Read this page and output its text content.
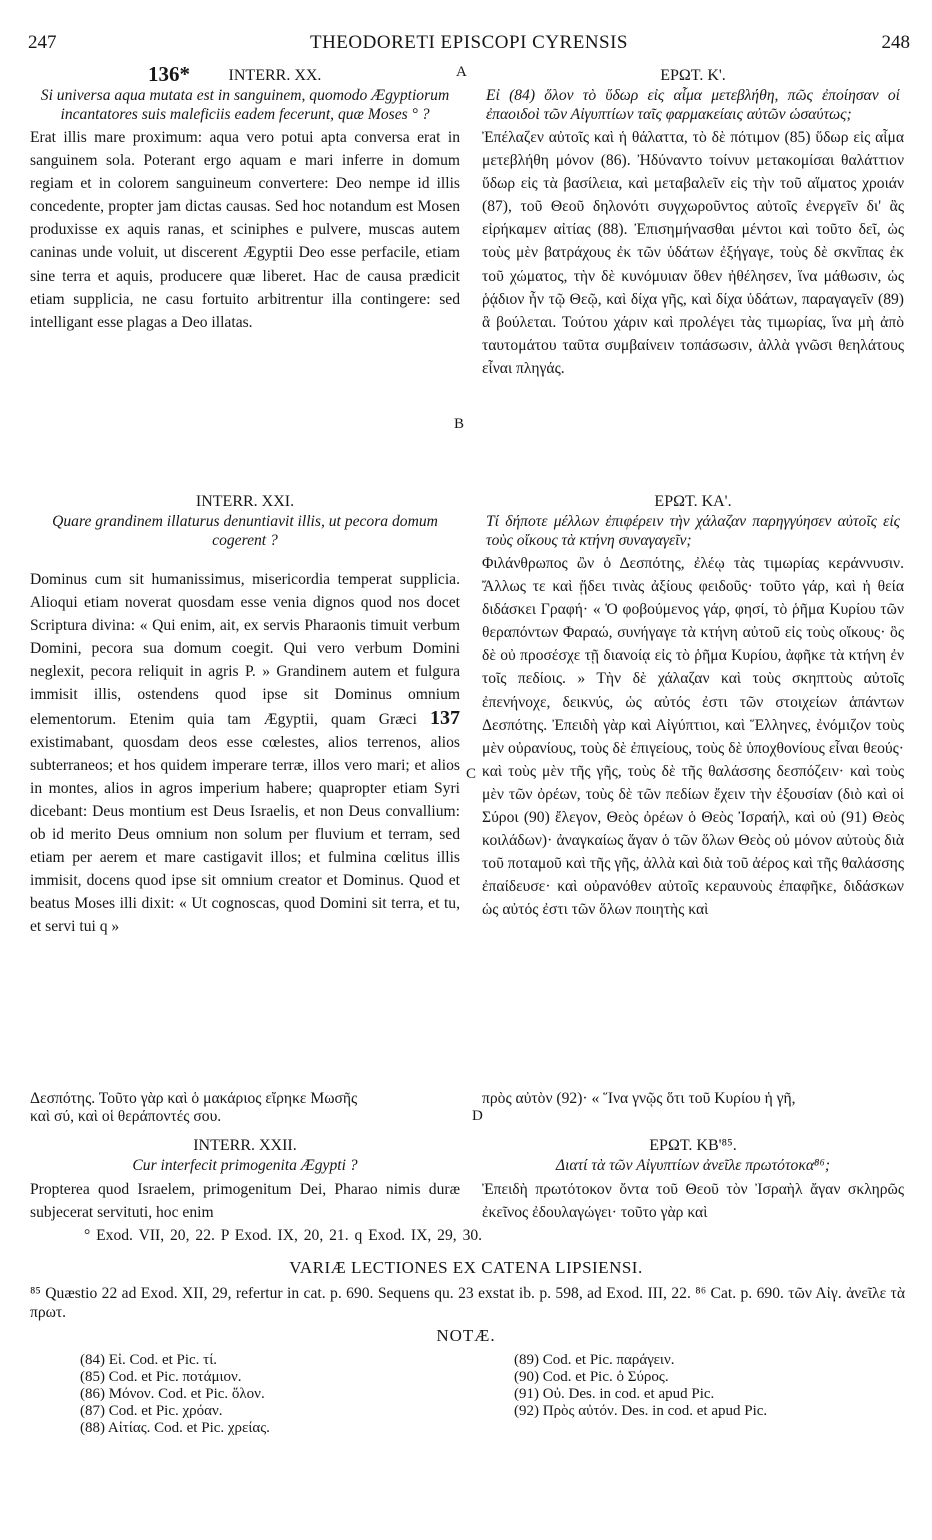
247	THEODORETI EPISCOPI CYRENSIS	248
136*	A
B
C
D
INTERR. XX.
Si universa aqua mutata est in sanguinem, quomodo Ægyptiorum incantatores suis maleficiis eadem fecerunt, quæ Moses ° ?
Erat illis mare proximum: aqua vero potui apta conversa erat in sanguinem sola. Poterant ergo aquam e mari inferre in domum regiam et in colorem sanguineum convertere: Deo nempe id illis concedente, propter jam dictas causas. Sed hoc notandum est Mosen produxisse ex aquis ranas, et sciniphes e pulvere, muscas autem caninas unde voluit, ut discerent Ægyptii Deo esse perfacile, etiam sine terra et aquis, producere quæ liberet. Hac de causa prædicit etiam supplicia, ne casu fortuito arbitrentur illa contingere: sed intelligant esse plagas a Deo illatas.
INTERR. XXI.
Quare grandinem illaturus denuntiavit illis, ut pecora domum cogerent ?
Dominus cum sit humanissimus, misericordia temperat supplicia. Alioqui etiam noverat quosdam esse venia dignos quod nos docet Scriptura divina: « Qui enim, ait, ex servis Pharaonis timuit verbum Domini, pecora sua domum coegit. Qui vero verbum Domini neglexit, pecora reliquit in agris P. » Grandinem autem et fulgura immisit illis, ostendens quod ipse sit Dominus omnium elementorum. Etenim quia tam Ægyptii, quam Græci 137 existimabant, quosdam deos esse cœlestes, alios terrenos, alios subterraneos; et hos quidem imperare terræ, illos vero mari; et alios in montes, alios in agros imperium habere; quapropter etiam Syri dicebant: Deus montium est Deus Israelis, et non Deus convallium: ob id merito Deus omnium non solum per fluvium et terram, sed etiam per aerem et mare castigavit illos; et fulmina cœlitus illis immisit, docens quod ipse sit omnium creator et Dominus. Quod et beatus Moses illi dixit: « Ut cognoscas, quod Domini sit terra, et tu, et servi tui q »
Δεσπότης. Τοῦτο γὰρ καὶ ὁ μακάριος εἴρηκε Μωσῆς
καὶ σύ, καὶ οἱ θεράποντές σου.
INTERR. XXII.
Cur interfecit primogenita Ægypti ?
Propterea quod Israelem, primogenitum Dei, Pharao nimis duræ subjecerat servituti, hoc enim
ΕΡΩΤ. Κ'.
Εἰ (84) ὅλον τὸ ὕδωρ εἰς αἷμα μετεβλήθη, πῶς ἐποίησαν οἱ ἐπαοιδοὶ τῶν Αἰγυπτίων ταῖς φαρμακείαις αὐτῶν ὡσαύτως;
Ἐπέλαζεν αὐτοῖς καὶ ἡ θάλαττα, τὸ δὲ πότιμον (85) ὕδωρ εἰς αἷμα μετεβλήθη μόνον (86). Ἠδύναντο τοίνυν μετακομίσαι θαλάττιον ὕδωρ εἰς τὰ βασίλεια, καὶ μεταβαλεῖν εἰς τὴν τοῦ αἵματος χροιάν (87), τοῦ Θεοῦ δηλονότι συγχωροῦντος αὐτοῖς ἐνεργεῖν δι' ἃς εἰρήκαμεν αἰτίας (88). Ἐπισημήνασθαι μέντοι καὶ τοῦτο δεῖ, ὡς τοὺς μὲν βατράχους ἐκ τῶν ὑδάτων ἐξήγαγε, τοὺς δὲ σκνῖπας ἐκ τοῦ χώματος, τὴν δὲ κυνόμυιαν ὅθεν ἠθέλησεν, ἵνα μάθωσιν, ὡς ῥᾴδιον ἦν τῷ Θεῷ, καὶ δίχα γῆς, καὶ δίχα ὑδάτων, παραγαγεῖν (89) ἃ βούλεται. Τούτου χάριν καὶ προλέγει τὰς τιμωρίας, ἵνα μὴ ἀπὸ ταυτομάτου ταῦτα συμβαίνειν τοπάσωσιν, ἀλλὰ γνῶσι θεηλάτους εἶναι πληγάς.
ΕΡΩΤ. ΚΑ'.
Τί δήποτε μέλλων ἐπιφέρειν τὴν χάλαζαν παρηγγύησεν αὐτοῖς εἰς τοὺς οἴκους τὰ κτήνη συναγαγεῖν;
Φιλάνθρωπος ὢν ὁ Δεσπότης, ἐλέῳ τὰς τιμωρίας κεράννυσιν. Ἄλλως τε καὶ ᾔδει τινὰς ἀξίους φειδοῦς· τοῦτο γάρ, καὶ ἡ θεία διδάσκει Γραφή· « Ὁ φοβούμενος γάρ, φησί, τὸ ῥῆμα Κυρίου τῶν θεραπόντων Φαραώ, συνήγαγε τὰ κτήνη αὐτοῦ εἰς τοὺς οἴκους· ὃς δὲ οὐ προσέσχε τῇ διανοίᾳ εἰς τὸ ῥῆμα Κυρίου, ἀφῆκε τὰ κτήνη ἐν τοῖς πεδίοις. » Τὴν δὲ χάλαζαν καὶ τοὺς σκηπτοὺς αὐτοῖς ἐπενήνοχε, δεικνύς, ὡς αὐτός ἐστι τῶν στοιχείων ἁπάντων Δεσπότης. Ἐπειδὴ γὰρ καὶ Αἰγύπτιοι, καὶ Ἕλληνες, ἐνόμιζον τοὺς μὲν οὐρανίους, τοὺς δὲ ἐπιγείους, τοὺς δὲ ὑποχθονίους εἶναι θεούς· καὶ τοὺς μὲν τῆς γῆς, τοὺς δὲ τῆς θαλάσσης δεσπόζειν· καὶ τοὺς μὲν τῶν ὀρέων, τοὺς δὲ τῶν πεδίων ἔχειν τὴν ἐξουσίαν (διὸ καὶ οἱ Σύροι (90) ἔλεγον, Θεὸς ὀρέων ὁ Θεὸς Ἰσραήλ, καὶ οὐ (91) Θεὸς κοιλάδων)· ἀναγκαίως ἅγαν ὁ τῶν ὅλων Θεὸς οὐ μόνον αὐτοὺς διὰ τοῦ ποταμοῦ καὶ τῆς γῆς, ἀλλὰ καὶ διὰ τοῦ ἀέρος καὶ τῆς θαλάσσης ἐπαίδευσε· καὶ οὐρανόθεν αὐτοῖς κεραυνοὺς ἐπαφῆκε, διδάσκων ὡς αὐτός ἐστι τῶν ὅλων ποιητὴς καὶ
πρὸς αὐτὸν (92)· « Ἵνα γνῷς ὅτι τοῦ Κυρίου ἡ γῆ,
ΕΡΩΤ. ΚΒ'⁸⁵.
Διατί τὰ τῶν Αἰγυπτίων ἀνεῖλε πρωτότοκα⁸⁶;
Ἐπειδὴ πρωτότοκον ὄντα τοῦ Θεοῦ τὸν Ἰσραὴλ ἄγαν σκληρῶς ἐκεῖνος ἐδουλαγώγει· τοῦτο γὰρ καὶ
° Exod. VII, 20, 22. P Exod. IX, 20, 21. q Exod. IX, 29, 30.
VARIÆ LECTIONES EX CATENA LIPSIENSI.
⁸⁵ Quæstio 22 ad Exod. XII, 29, refertur in cat. p. 690. Sequens qu. 23 exstat ib. p. 598, ad Exod. III, 22. ⁸⁶ Cat. p. 690. τῶν Αἰγ. ἀνεῖλε τὰ πρωτ.
NOTÆ.
(84) Εἰ. Cod. et Pic. τί.
(85) Cod. et Pic. ποτάμιον.
(86) Μόνον. Cod. et Pic. ὅλον.
(87) Cod. et Pic. χρόαν.
(88) Αἰτίας. Cod. et Pic. χρείας.
(89) Cod. et Pic. παράγειν.
(90) Cod. et Pic. ὁ Σύρος.
(91) Οὐ. Des. in cod. et apud Pic.
(92) Πρὸς αὐτόν. Des. in cod. et apud Pic.
